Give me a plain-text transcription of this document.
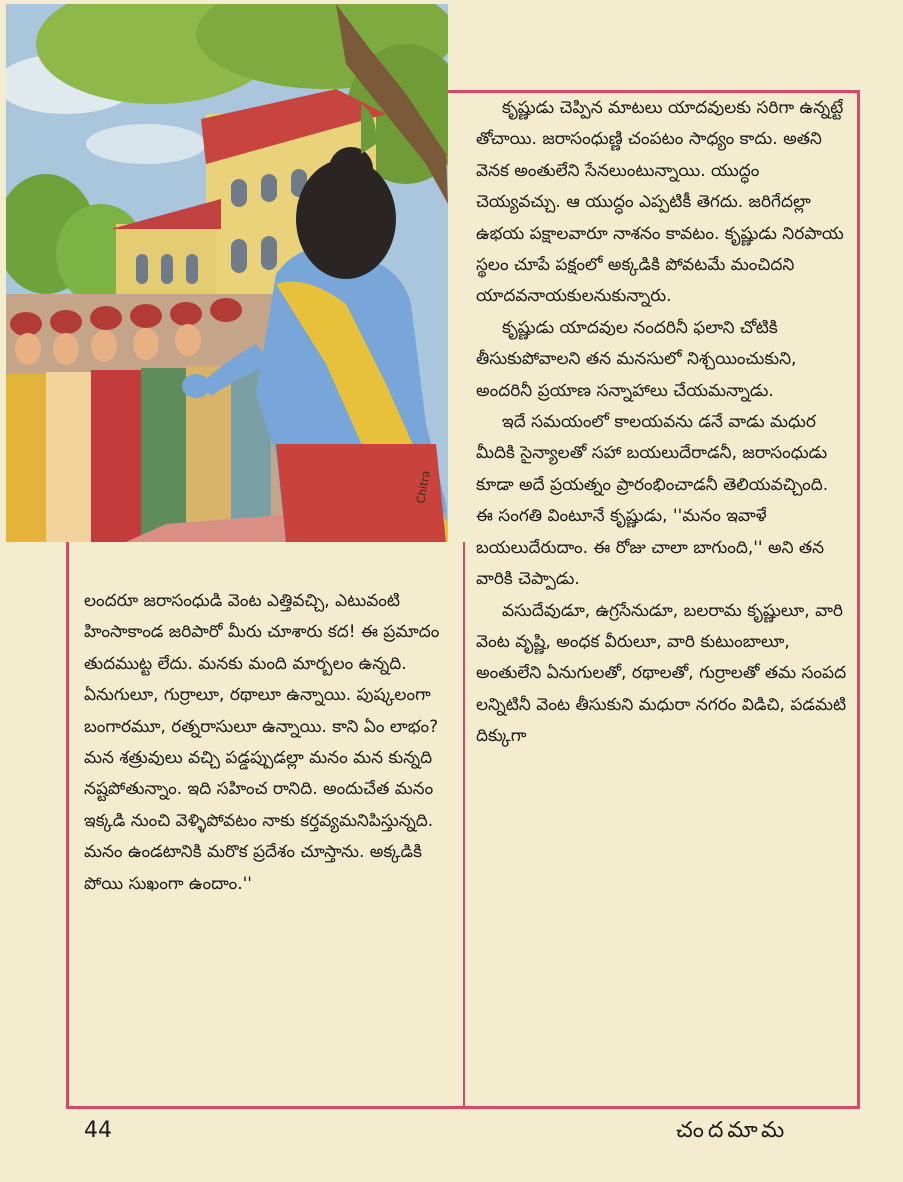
Chitra

కృష్ణుడు చెప్పిన మాటలు యాదవులకు సరిగా ఉన్నట్టే తోచాయి. జరాసంధుణ్ణి చంపటం సాధ్యం కాదు. అతని వెనక అంతులేని సేనలుంటున్నాయి. యుద్ధం చెయ్యవచ్చు. ఆ యుద్ధం ఎప్పటికీ తెగదు. జరిగేదల్లా ఉభయ పక్షాలవారూ నాశనం కావటం. కృష్ణుడు నిరపాయ స్థలం చూపే పక్షంలో అక్కడికి పోవటమే మంచిదని యాదవనాయకులనుకున్నారు.

కృష్ణుడు యాదవుల నందరినీ ఫలాని చోటికి తీసుకుపోవాలని తన మనసులో నిశ్చయించుకుని, అందరినీ ప్రయాణ సన్నాహాలు చేయమన్నాడు.

ఇదే సమయంలో కాలయవను డనే వాడు మధుర మీదికి సైన్యాలతో సహా బయలుదేరాడనీ, జరాసంధుడు కూడా అదే ప్రయత్నం ప్రారంభించాడనీ తెలియవచ్చింది. ఈ సంగతి వింటూనే కృష్ణుడు, ''మనం ఇవాళే బయలుదేరుదాం. ఈ రోజు చాలా బాగుంది,'' అని తన వారికి చెప్పాడు.

వసుదేవుడూ, ఉగ్రసేనుడూ, బలరామ కృష్ణులూ, వారి వెంట వృష్ణి, అంధక వీరులూ, వారి కుటుంబాలూ, అంతులేని ఏనుగులతో, రథాలతో, గుర్రాలతో తమ సంపద లన్నిటినీ వెంట తీసుకుని మధురా నగరం విడిచి, పడమటి దిక్కుగా

లందరూ జరాసంధుడి వెంట ఎత్తివచ్చి, ఎటువంటి హింసాకాండ జరిపారో మీరు చూశారు కద! ఈ ప్రమాదం తుదముట్ట లేదు. మనకు మంది మార్బలం ఉన్నది. ఏనుగులూ, గుర్రాలూ, రథాలూ ఉన్నాయి. పుష్కలంగా బంగారమూ, రత్నరాసులూ ఉన్నాయి. కాని ఏం లాభం? మన శత్రువులు వచ్చి పడ్డప్పుడల్లా మనం మన కున్నది నష్టపోతున్నాం. ఇది సహించ రానిది. అందుచేత మనం ఇక్కడి నుంచి వెళ్ళిపోవటం నాకు కర్తవ్యమనిపిస్తున్నది. మనం ఉండటానికి మరొక ప్రదేశం చూస్తాను. అక్కడికి పోయి సుఖంగా ఉందాం.''

44	చందమామ
